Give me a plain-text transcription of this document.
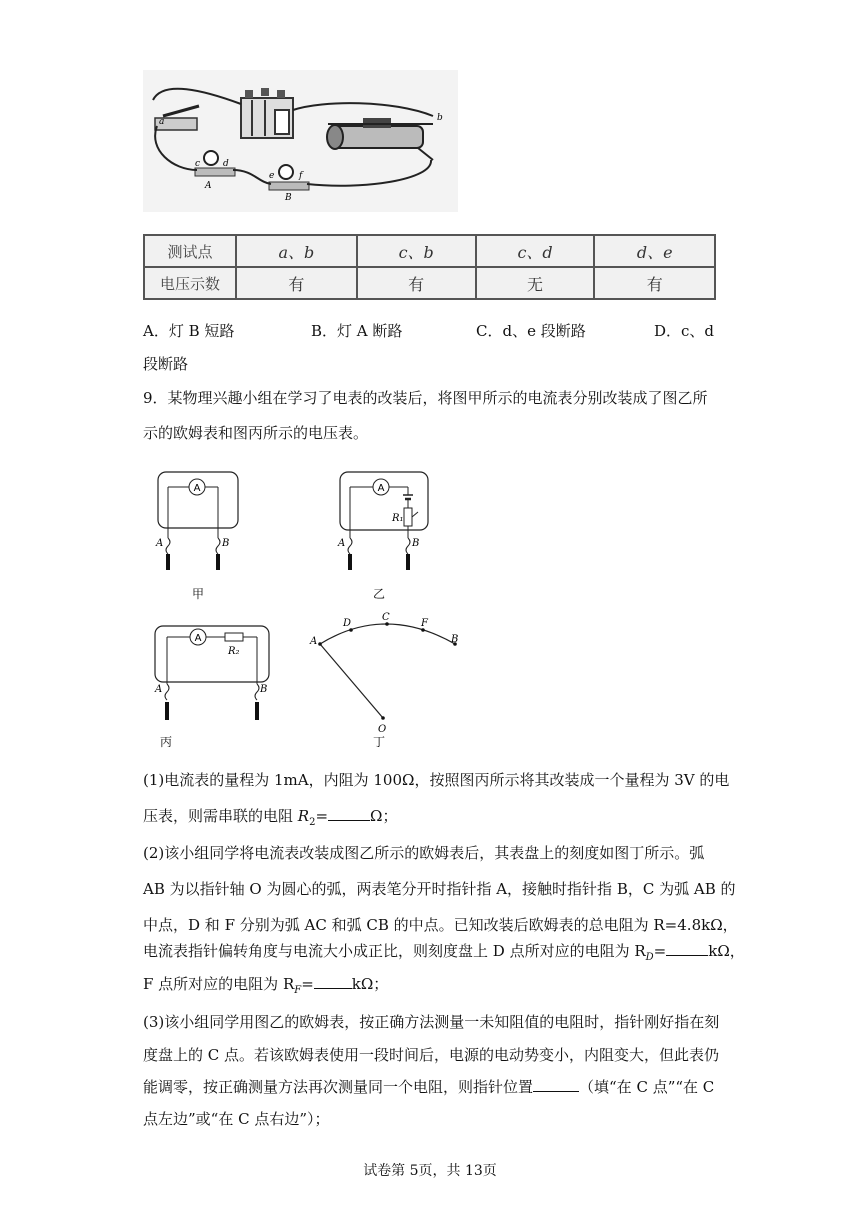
a	b
c	d
e	f
A
B
测试点	a、b	c、b	c、d	d、e
电压示数	有	有	无	有
A．灯 B 短路	B．灯 A 断路	C．d、e 段断路	D．c、d
段断路
9．某物理兴趣小组在学习了电表的改装后，将图甲所示的电流表分别改装成了图乙所
示的欧姆表和图丙所示的电压表。
A
A	B
甲
A
R₁
A	B
乙
A
R₂
A	B
丙
A
D
C
F
B
O
丁
(1)电流表的量程为 1mA，内阻为 100Ω，按照图丙所示将其改装成一个量程为 3V 的电
压表，则需串联的电阻 $R_2=$	Ω；
(2)该小组同学将电流表改装成图乙所示的欧姆表后，其表盘上的刻度如图丁所示。弧
AB 为以指针轴 O 为圆心的弧，两表笔分开时指针指 A，接触时指针指 B，C 为弧 AB 的
中点，D 和 F 分别为弧 AC 和弧 CB 的中点。已知改装后欧姆表的总电阻为 R=4.8kΩ，
电流表指针偏转角度与电流大小成正比，则刻度盘上 D 点所对应的电阻为 $R_D=$	kΩ，
F 点所对应的电阻为 $R_F=$	kΩ；
(3)该小组同学用图乙的欧姆表，按正确方法测量一未知阻值的电阻时，指针刚好指在刻
度盘上的 C 点。若该欧姆表使用一段时间后，电源的电动势变小，内阻变大，但此表仍
能调零，按正确测量方法再次测量同一个电阻，则指针位置	（填“在 C 点”“在 C
点左边”或“在 C 点右边”）；
试卷第 5页，共 13页
